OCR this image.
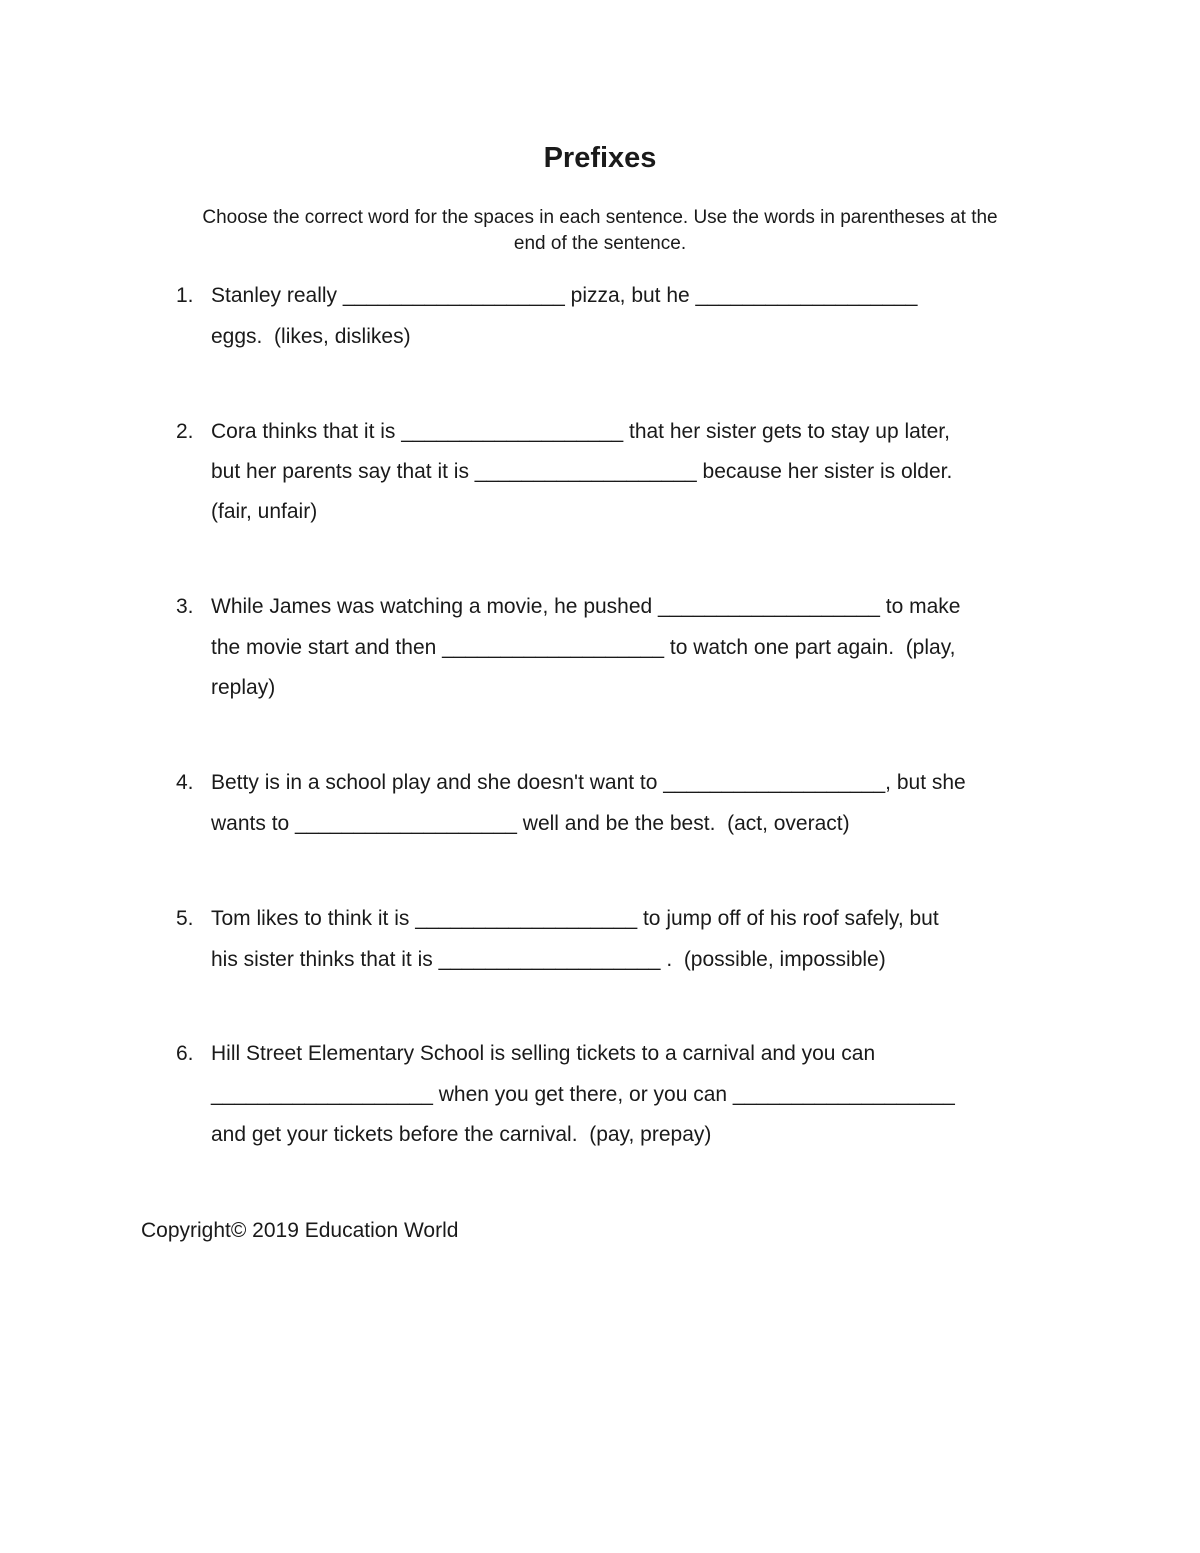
Prefixes
Choose the correct word for the spaces in each sentence. Use the words in parentheses at the
end of the sentence.
1. Stanley really ___________________ pizza, but he ___________________
eggs.  (likes, dislikes)
2. Cora thinks that it is ___________________ that her sister gets to stay up later,
but her parents say that it is ___________________ because her sister is older.
(fair, unfair)
3. While James was watching a movie, he pushed ___________________ to make
the movie start and then ___________________ to watch one part again.  (play,
replay)
4. Betty is in a school play and she doesn't want to ___________________, but she
wants to ___________________ well and be the best.  (act, overact)
5. Tom likes to think it is ___________________ to jump off of his roof safely, but
his sister thinks that it is ___________________ .  (possible, impossible)
6. Hill Street Elementary School is selling tickets to a carnival and you can
___________________ when you get there, or you can ___________________
and get your tickets before the carnival.  (pay, prepay)
Copyright© 2019 Education World
